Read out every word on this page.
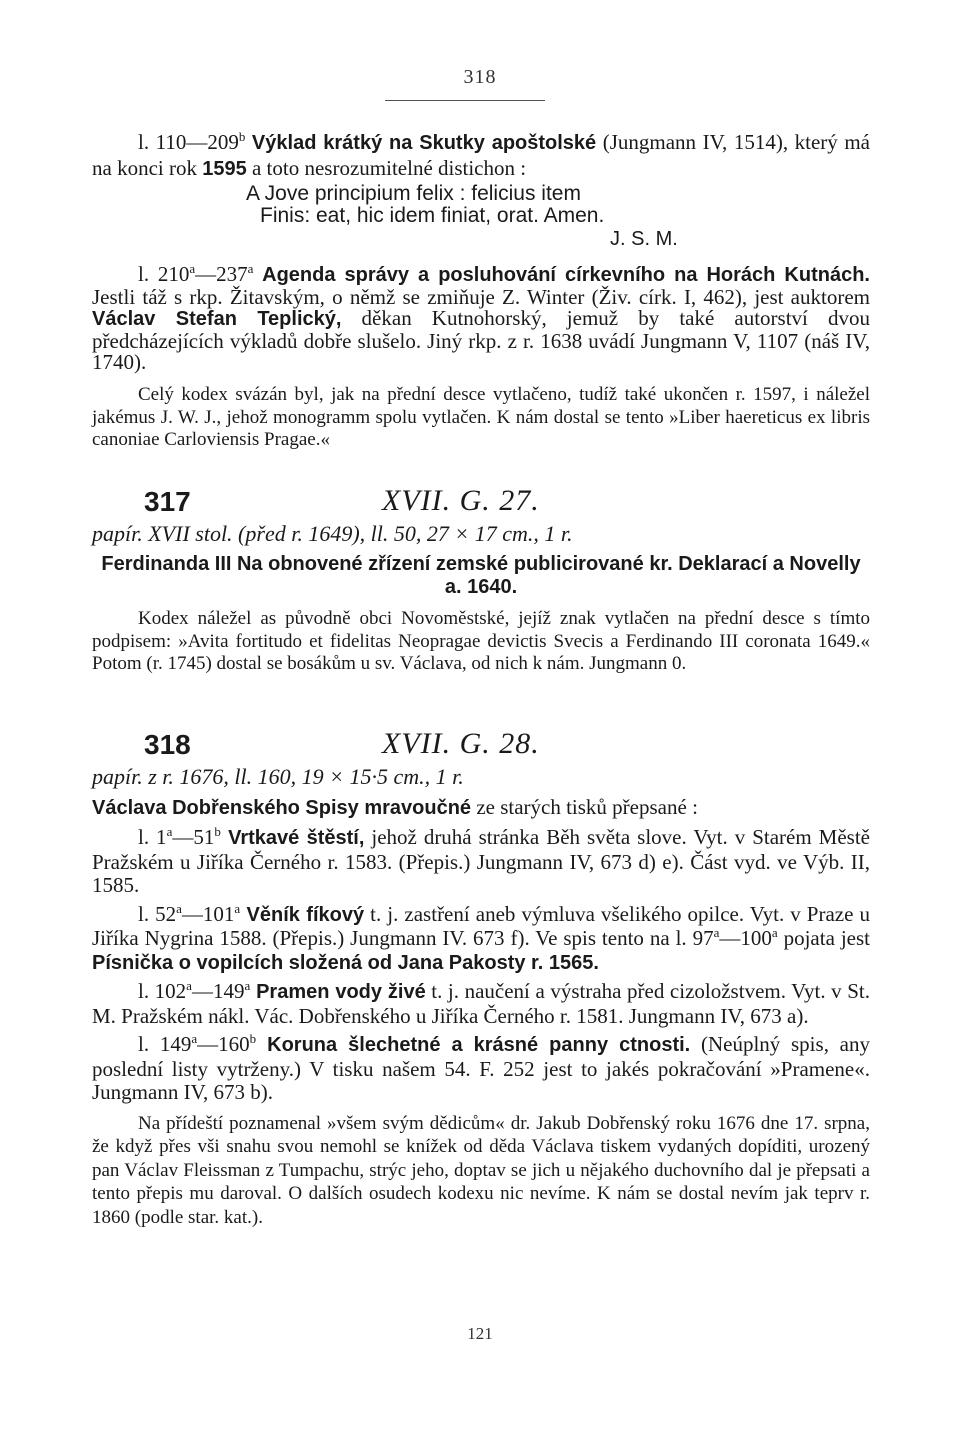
318

l. 110—209$^b$ Výklad krátký na Skutky apoštolské (Jungmann IV, 1514), který má na konci rok 1595 a toto nesrozumitelné distichon :

A Jove principium felix : felicius item
Finis: eat, hic idem finiat, orat. Amen.
J. S. M.

l. 210$^a$—237$^a$ Agenda správy a posluhování církevního na Horách Kutnách. Jestli táž s rkp. Žitavským, o němž se zmiňuje Z. Winter (Živ. círk. I, 462), jest auktorem Václav Stefan Teplický, děkan Kutnohorský, jemuž by také autorství dvou předcházejících výkladů dobře slušelo. Jiný rkp. z r. 1638 uvádí Jungmann V, 1107 (náš IV, 1740).

Celý kodex svázán byl, jak na přední desce vytlačeno, tudíž také ukončen r. 1597, i náležel jakémus J. W. J., jehož monogramm spolu vytlačen. K nám dostal se tento »Liber haereticus ex libris canoniae Carloviensis Pragae.«

317	XVII. G. 27.
papír. XVII stol. (před r. 1649), ll. 50, 27 × 17 cm., 1 r.

Ferdinanda III Na obnovené zřízení zemské publicirované kr. Deklarací a Novelly a. 1640.

Kodex náležel as původně obci Novoměstské, jejíž znak vytlačen na přední desce s tímto podpisem: »Avita fortitudo et fidelitas Neopragae devictis Svecis a Ferdinando III coronata 1649.« Potom (r. 1745) dostal se bosákům u sv. Václava, od nich k nám. Jungmann 0.

318	XVII. G. 28.
papír. z r. 1676, ll. 160, 19 × 15·5 cm., 1 r.

Václava Dobřenského Spisy mravoučné ze starých tisků přepsané :

l. 1$^a$—51$^b$ Vrtkavé štěstí, jehož druhá stránka Běh světa slove. Vyt. v Starém Městě Pražském u Jiříka Černého r. 1583. (Přepis.) Jungmann IV, 673 d) e). Část vyd. ve Výb. II, 1585.

l. 52$^a$—101$^a$ Věník fíkový t. j. zastření aneb výmluva všelikého opilce. Vyt. v Praze u Jiříka Nygrina 1588. (Přepis.) Jungmann IV. 673 f). Ve spis tento na l. 97$^a$—100$^a$ pojata jest Písnička o vopilcích složená od Jana Pakosty r. 1565.

l. 102$^a$—149$^a$ Pramen vody živé t. j. naučení a výstraha před cizoložstvem. Vyt. v St. M. Pražském nákl. Vác. Dobřenského u Jiříka Černého r. 1581. Jungmann IV, 673 a).

l. 149$^a$—160$^b$ Koruna šlechetné a krásné panny ctnosti. (Neúplný spis, any poslední listy vytrženy.) V tisku našem 54. F. 252 jest to jakés pokračování »Pramene«. Jungmann IV, 673 b).

Na přídeští poznamenal »všem svým dědicům« dr. Jakub Dobřenský roku 1676 dne 17. srpna, že když přes vši snahu svou nemohl se knížek od děda Václava tiskem vydaných dopíditi, urozený pan Václav Fleissman z Tumpachu, strýc jeho, doptav se jich u nějakého duchovního dal je přepsati a tento přepis mu daroval. O dalších osudech kodexu nic nevíme. K nám se dostal nevím jak teprv r. 1860 (podle star. kat.).

121
